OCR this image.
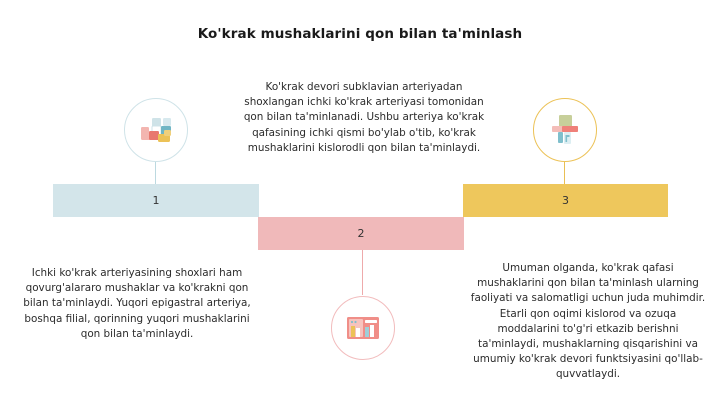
Ko'krak mushaklarini qon bilan ta'minlash
Ko'krak devori subklavian arteriyadan shoxlangan ichki ko'krak arteriyasi tomonidan qon bilan ta'minlanadi. Ushbu arteriya ko'krak qafasining ichki qismi bo'ylab o'tib, ko'krak mushaklarini kislorodli qon bilan ta'minlaydi.
1
2
3
Ichki ko'krak arteriyasining shoxlari ham qovurg'alararo mushaklar va ko'krakni qon bilan ta'minlaydi. Yuqori epigastral arteriya, boshqa filial, qorinning yuqori mushaklarini qon bilan ta'minlaydi.
Umuman olganda, ko'krak qafasi mushaklarini qon bilan ta'minlash ularning faoliyati va salomatligi uchun juda muhimdir. Etarli qon oqimi kislorod va ozuqa moddalarini to'g'ri etkazib berishni ta'minlaydi, mushaklarning qisqarishini va umumiy ko'krak devori funktsiyasini qo'llab-quvvatlaydi.
